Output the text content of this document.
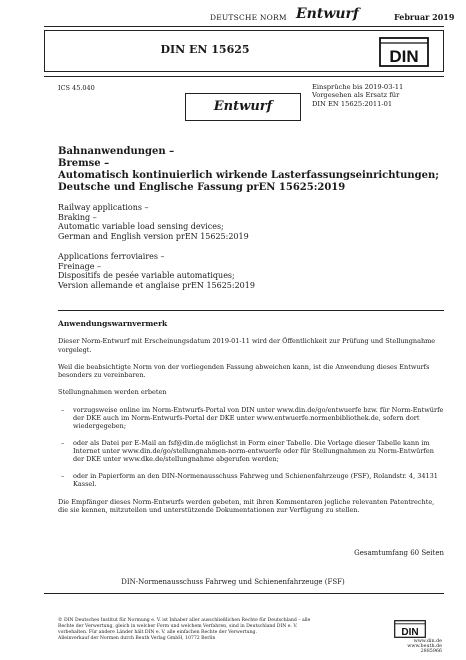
DEUTSCHE NORM Entwurf	Februar 2019
DIN EN 15625	DIN
ICS 45.040
Entwurf
Einsprüche bis 2019-03-11
Vorgesehen als Ersatz für
DIN EN 15625:2011-01
Bahnanwendungen –
Bremse –
Automatisch kontinuierlich wirkende Lasterfassungseinrichtungen;
Deutsche und Englische Fassung prEN 15625:2019
Railway applications –
Braking –
Automatic variable load sensing devices;
German and English version prEN 15625:2019
Applications ferroviaires –
Freinage –
Dispositifs de pesée variable automatiques;
Version allemande et anglaise prEN 15625:2019
Anwendungswarnvermerk

Dieser Norm-Entwurf mit Erscheinungsdatum 2019-01-11 wird der Öffentlichkeit zur Prüfung und Stellungnahme vorgelegt.

Weil die beabsichtigte Norm von der vorliegenden Fassung abweichen kann, ist die Anwendung dieses Entwurfs besonders zu vereinbaren.

Stellungnahmen werden erbeten

– vorzugsweise online im Norm-Entwurfs-Portal von DIN unter www.din.de/go/entwuerfe bzw. für Norm-Entwürfe der DKE auch im Norm-Entwurfs-Portal der DKE unter www.entwuerfe.normenbibliothek.de, sofern dort wiedergegeben;
– oder als Datei per E-Mail an fsf@din.de möglichst in Form einer Tabelle. Die Vorlage dieser Tabelle kann im Internet unter www.din.de/go/stellungnahmen-norm-entwuerfe oder für Stellungnahmen zu Norm-Entwürfen der DKE unter www.dke.de/stellungnahme abgerufen werden;
– oder in Papierform an den DIN-Normenausschuss Fahrweg und Schienenfahrzeuge (FSF), Rolandstr. 4, 34131 Kassel.

Die Empfänger dieses Norm-Entwurfs werden gebeten, mit ihren Kommentaren jegliche relevanten Patentrechte, die sie kennen, mitzuteilen und unterstützende Dokumentationen zur Verfügung zu stellen.

Gesamtumfang 60 Seiten
DIN-Normenausschuss Fahrweg und Schienenfahrzeuge (FSF)
© DIN Deutsches Institut für Normung e. V. ist Inhaber aller ausschließlichen Rechte für Deutschland – alle
Rechte der Verwertung, gleich in welcher Form und welchem Verfahren, sind in Deutschland DIN e. V.
vorbehalten. Für andere Länder hält DIN e. V. alle einfachen Rechte der Verwertung.
Alleinverkauf der Normen durch Beuth Verlag GmbH, 10772 Berlin
DIN
www.din.de
www.beuth.de
2885966
